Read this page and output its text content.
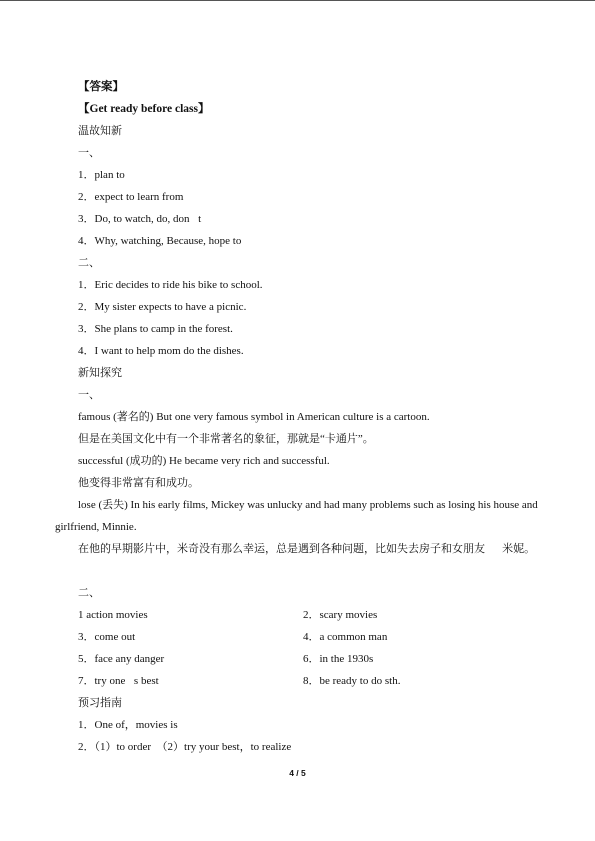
【答案】
【Get ready before class】
温故知新
一、
1．plan to
2．expect to learn from
3．Do, to watch, do, don t
4．Why, watching, Because, hope to
二、
1．Eric decides to ride his bike to school.
2．My sister expects to have a picnic.
3．She plans to camp in the forest.
4．I want to help mom do the dishes.
新知探究
一、
famous (著名的) But one very famous symbol in American culture is a cartoon.
但是在美国文化中有一个非常著名的象征，那就是“卡通片”。
successful (成功的) He became very rich and successful.
他变得非常富有和成功。
lose (丢失) In his early films, Mickey was unlucky and had many problems such as losing his house and girlfriend, Minnie.
在他的早期影片中，米奇没有那么幸运，总是遇到各种问题，比如失去房子和女朋友  米妮。
二、
1 action movies	2．scary movies
3．come out	4．a common man
5．face any danger	6．in the 1930s
7．try one s best	8．be ready to do sth.
预习指南
1．One of，movies is
2．（1）to order　（2）try your best，to realize
4 / 5
